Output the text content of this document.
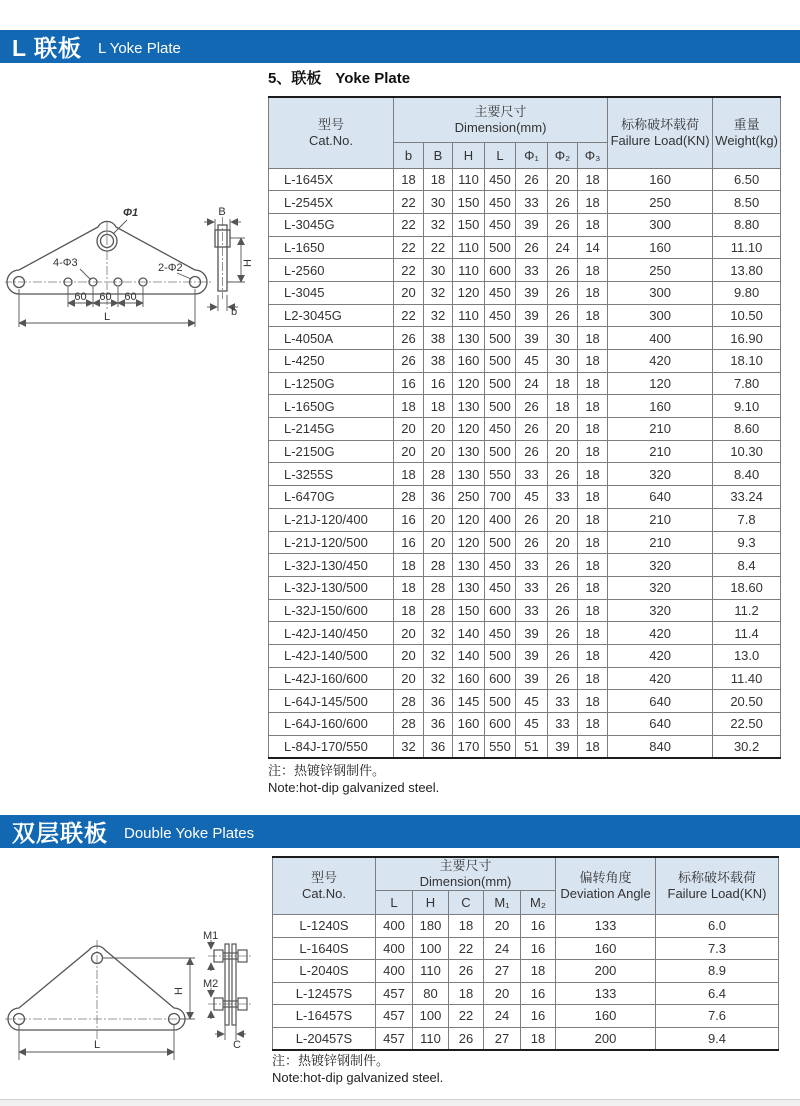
L 联板 L Yoke Plate
5、联板 Yoke Plate
Φ1
4-Φ3	2-Φ2
60 60 60
L
B
H
b
型号
Cat.No.

主要尺寸
Dimension(mm)	标称破坏载荷
Failure Load(KN)

重量
Weight(kg)

	b	B	H	L	Φ₁	Φ₂	Φ₃		
L-1645X	18	18	110	450	26	20	18	160	6.50
L-2545X	22	30	150	450	33	26	18	250	8.50
L-3045G	22	32	150	450	39	26	18	300	8.80
L-1650	22	22	110	500	26	24	14	160	11.10
L-2560	22	30	110	600	33	26	18	250	13.80
L-3045	20	32	120	450	39	26	18	300	9.80
L2-3045G	22	32	110	450	39	26	18	300	10.50
L-4050A	26	38	130	500	39	30	18	400	16.90
L-4250	26	38	160	500	45	30	18	420	18.10
L-1250G	16	16	120	500	24	18	18	120	7.80
L-1650G	18	18	130	500	26	18	18	160	9.10
L-2145G	20	20	120	450	26	20	18	210	8.60
L-2150G	20	20	130	500	26	20	18	210	10.30
L-3255S	18	28	130	550	33	26	18	320	8.40
L-6470G	28	36	250	700	45	33	18	640	33.24
L-21J-120/400	16	20	120	400	26	20	18	210	7.8
L-21J-120/500	16	20	120	500	26	20	18	210	9.3
L-32J-130/450	18	28	130	450	33	26	18	320	8.4
L-32J-130/500	18	28	130	450	33	26	18	320	18.60
L-32J-150/600	18	28	150	600	33	26	18	320	11.2
L-42J-140/450	20	32	140	450	39	26	18	420	11.4
L-42J-140/500	20	32	140	500	39	26	18	420	13.0
L-42J-160/600	20	32	160	600	39	26	18	420	11.40
L-64J-145/500	28	36	145	500	45	33	18	640	20.50
L-64J-160/600	28	36	160	600	45	33	18	640	22.50
L-84J-170/550	32	36	170	550	51	39	18	840	30.2
注：热镀锌钢制件。
Note:hot-dip galvanized steel.
双层联板 Double Yoke Plates
M1
M2
H
L	C
型号
Cat.No.

主要尺寸
Dimension(mm)	偏转角度
Deviation Angle

标称破坏载荷
Failure Load(KN)

	L	H	C	M₁	M₂		
L-1240S	400	180	18	20	16	133	6.0
L-1640S	400	100	22	24	16	160	7.3
L-2040S	400	110	26	27	18	200	8.9
L-12457S	457	80	18	20	16	133	6.4
L-16457S	457	100	22	24	16	160	7.6
L-20457S	457	110	26	27	18	200	9.4
注：热镀锌钢制件。
Note:hot-dip galvanized steel.
